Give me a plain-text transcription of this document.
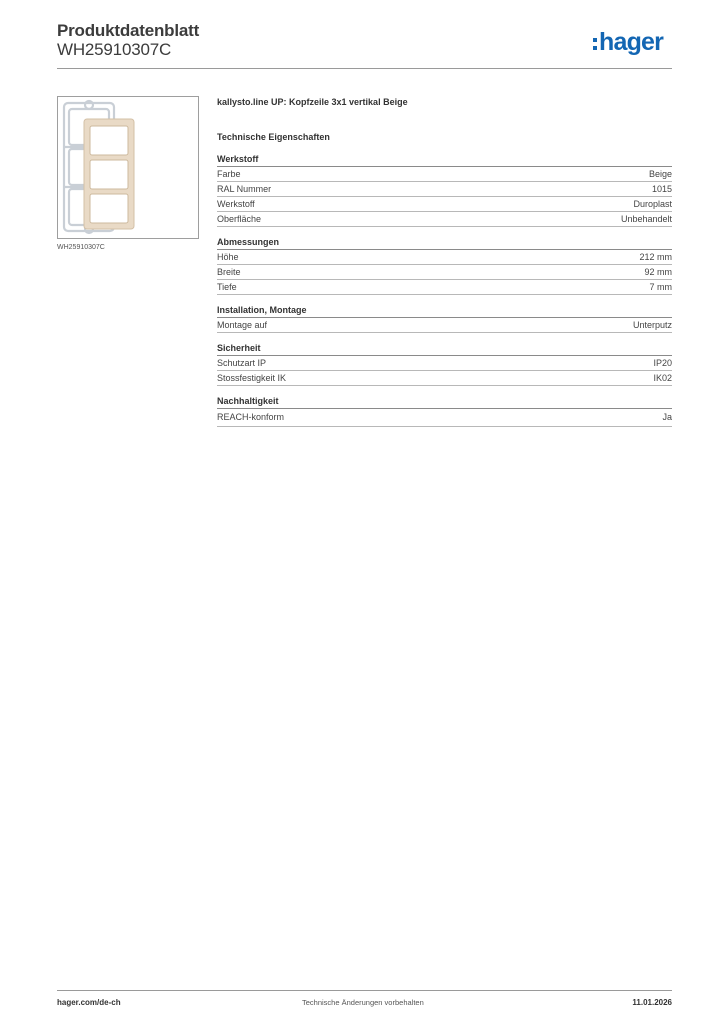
Produktdatenblatt
WH25910307C	hager
WH25910307C
kallysto.line UP: Kopfzeile 3x1 vertikal Beige
Technische Eigenschaften
Werkstoff
Farbe	Beige
RAL Nummer	1015
Werkstoff	Duroplast
Oberfläche	Unbehandelt
Abmessungen
Höhe	212 mm
Breite	92 mm
Tiefe	7 mm
Installation, Montage
Montage auf	Unterputz
Sicherheit
Schutzart IP	IP20
Stossfestigkeit IK	IK02
Nachhaltigkeit
REACH-konform	Ja
hager.com/de-ch	Technische Änderungen vorbehalten	11.01.2026
